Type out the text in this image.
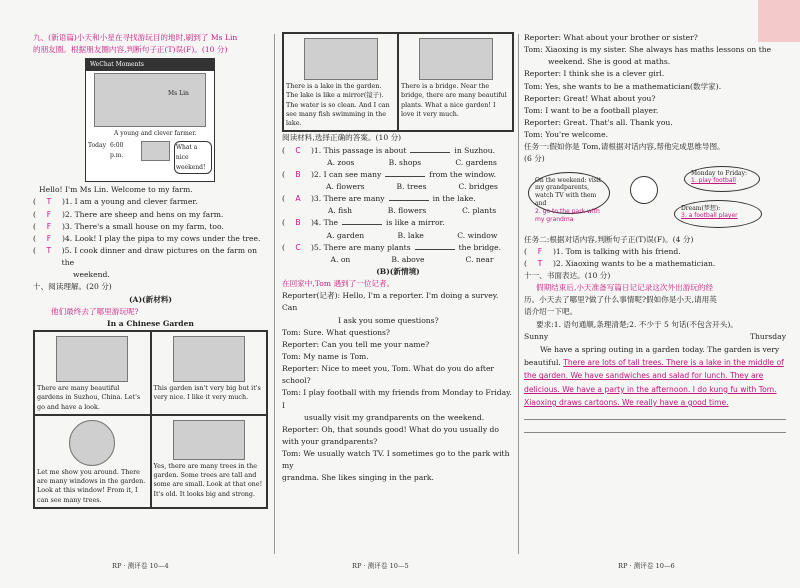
九、(新语篇)小天和小星在寻找游玩目的地时,刷到了 Ms Lin
的朋友圈。根据朋友圈内容,判断句子正(T)误(F)。(10 分)
WeChat Moments
Ms Lin
A young and clever farmer.
Today 6:00 p.m.
What a nice weekend!
Hello! I'm Ms Lin. Welcome to my farm.
(	T	)1. I am a young and clever farmer.
(	F	)2. There are sheep and hens on my farm.
(	F	)3. There's a small house on my farm, too.
(	F	)4. Look! I play the pipa to my cows under the tree.
(	T	)5. I cook dinner and draw pictures on the farm on the
weekend.
十、阅读理解。(20 分)
(A)(新材料)
他们最终去了哪里游玩呢?
In a Chinese Garden
There are many beautiful gardens in Suzhou, China. Let's go and have a look.
This garden isn't very big but it's very nice. I like it very much.
Let me show you around. There are many windows in the garden. Look at this window! From it, I can see many trees.
Yes, there are many trees in the garden. Some trees are tall and some are small. Look at that one! It's old. It looks big and strong.
RP · 测评卷 10—4
There is a lake in the garden. The lake is like a mirror(镜子). The water is so clean. And I can see many fish swimming in the lake.
There is a bridge. Near the bridge, there are many beautiful plants. What a nice garden! I love it very much.
阅读材料,选择正确的答案。(10 分)
(	C	)1. This passage is about	in Suzhou.
A. zoos	B. shops	C. gardens
(	B	)2. I can see many	from the window.
A. flowers	B. trees	C. bridges
(	A	)3. There are many	in the lake.
A. fish	B. flowers	C. plants
(	B	)4. The	is like a mirror.
A. garden	B. lake	C. window
(	C	)5. There are many plants	the bridge.
A. on	B. above	C. near
(B)(新情境)
在回家中,Tom 遇到了一位记者。
Reporter(记者): Hello, I'm a reporter. I'm doing a survey. Can
I ask you some questions?
Tom: Sure. What questions?
Reporter: Can you tell me your name?
Tom: My name is Tom.
Reporter: Nice to meet you, Tom. What do you do after school?
Tom: I play football with my friends from Monday to Friday. I
usually visit my grandparents on the weekend.
Reporter: Oh, that sounds good! What do you usually do with your grandparents?
Tom: We usually watch TV. I sometimes go to the park with my
grandma. She likes singing in the park.
RP · 测评卷 10—5
Reporter: What about your brother or sister?
Tom: Xiaoxing is my sister. She always has maths lessons on the
weekend. She is good at maths.
Reporter: I think she is a clever girl.
Tom: Yes, she wants to be a mathematician(数学家).
Reporter: Great! What about you?
Tom: I want to be a football player.
Reporter: Great. That's all. Thank you.
Tom: You're welcome.
任务一:假如你是 Tom,请根据对话内容,帮他完成思维导图。
(6 分)
On the weekend: visit my grandparents, watch TV with them and
2. go to the park with my grandma
Monday to Friday:
1. play football
Dream(梦想):
3. a football player
任务二:根据对话内容,判断句子正(T)误(F)。(4 分)
(	F	)1. Tom is talking with his friend.
(	T	)2. Xiaoxing wants to be a mathematician.
十一、书面表达。(10 分)
假期结束后,小天准备写篇日记记录这次外出游玩的经
历。小天去了哪里?做了什么事情呢?假如你是小天,请用英
语介绍一下吧。
要求:1. 语句通顺,条理清楚;2. 不少于 5 句话(不包含开头)。
Sunny	Thursday
We have a spring outing in a garden today. The garden is very beautiful. There are lots of tall trees. There is a lake in the middle of the garden. We have sandwiches and salad for lunch. They are delicious. We have a party in the afternoon. I do kung fu with Tom. Xiaoxing draws cartoons. We really have a good time.
RP · 测评卷 10—6
